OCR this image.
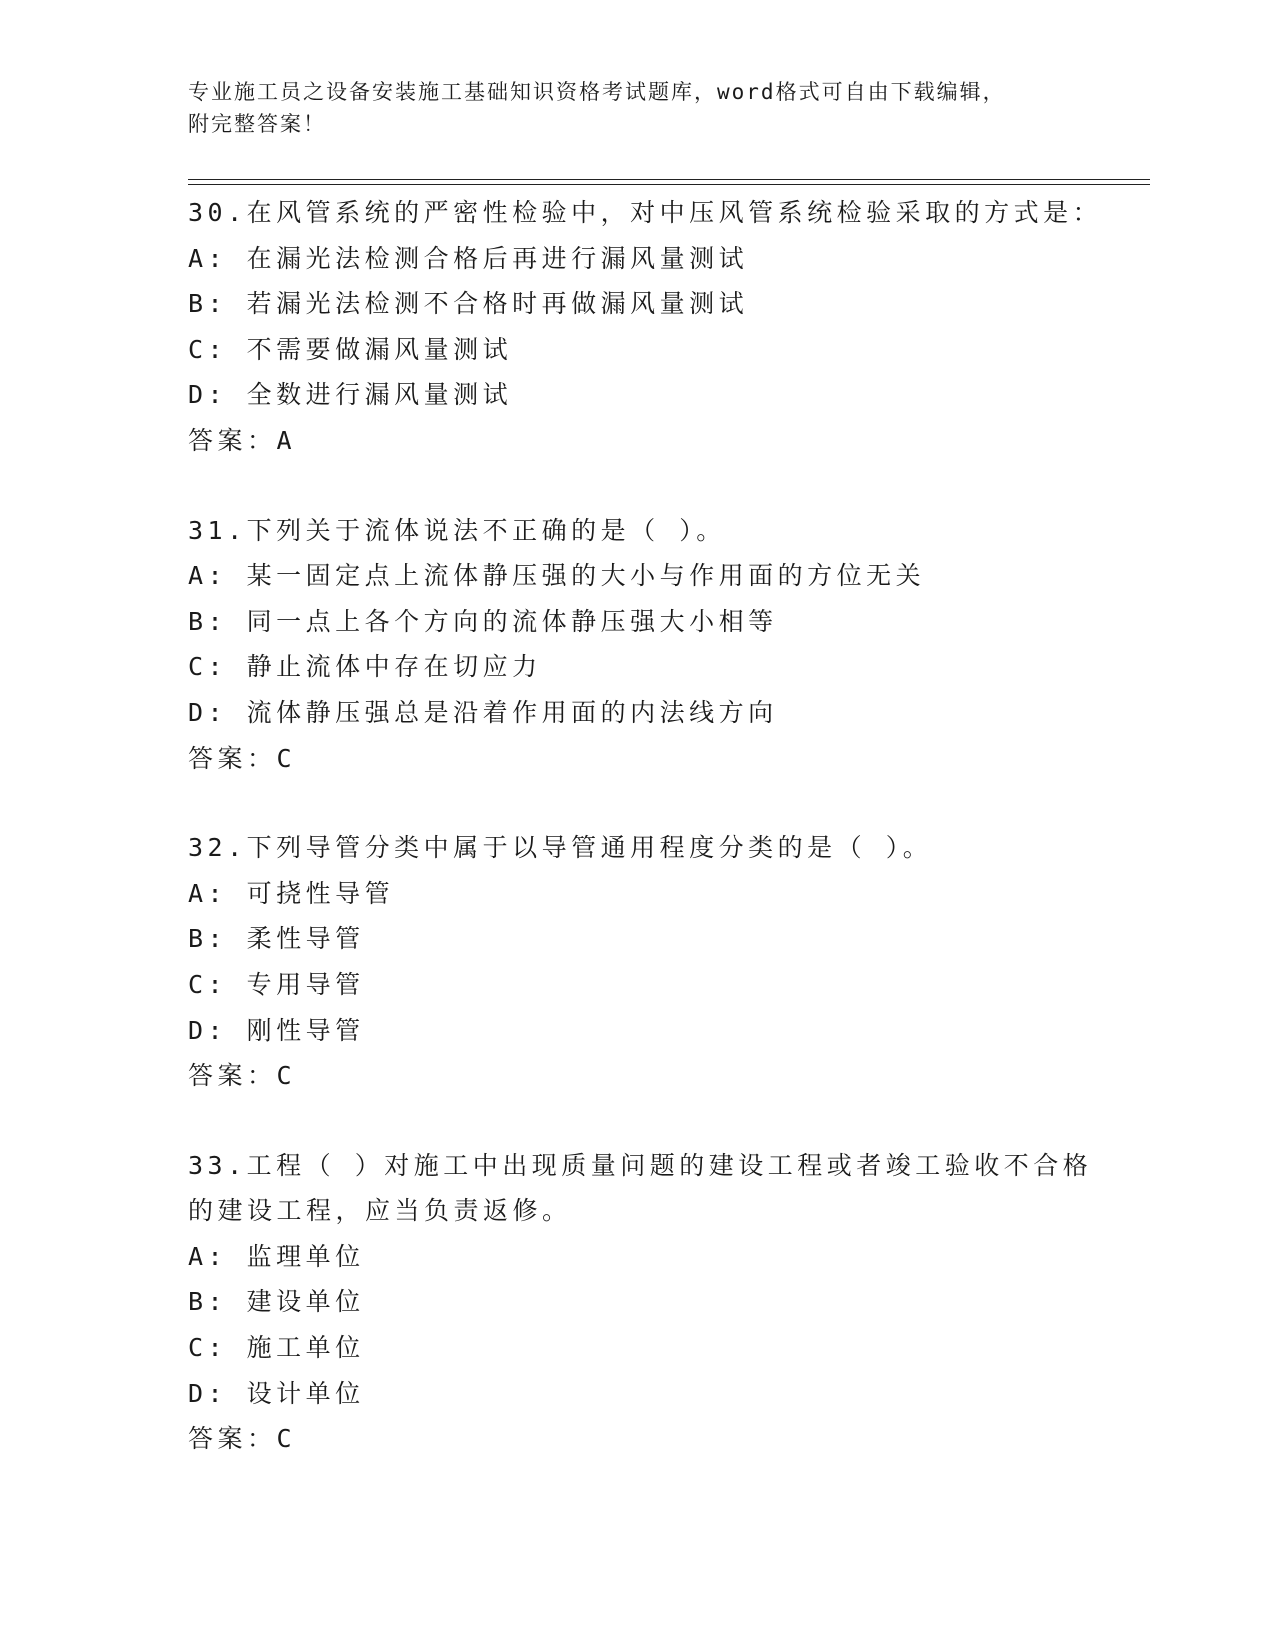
专业施工员之设备安装施工基础知识资格考试题库，word格式可自由下载编辑，
附完整答案！
30.在风管系统的严密性检验中，对中压风管系统检验采取的方式是：
A: 在漏光法检测合格后再进行漏风量测试
B: 若漏光法检测不合格时再做漏风量测试
C: 不需要做漏风量测试
D: 全数进行漏风量测试
答案：A
31.下列关于流体说法不正确的是（ ）。
A: 某一固定点上流体静压强的大小与作用面的方位无关
B: 同一点上各个方向的流体静压强大小相等
C: 静止流体中存在切应力
D: 流体静压强总是沿着作用面的内法线方向
答案：C
32.下列导管分类中属于以导管通用程度分类的是（ ）。
A: 可挠性导管
B: 柔性导管
C: 专用导管
D: 刚性导管
答案：C
33.工程（ ）对施工中出现质量问题的建设工程或者竣工验收不合格
的建设工程，应当负责返修。
A: 监理单位
B: 建设单位
C: 施工单位
D: 设计单位
答案：C
